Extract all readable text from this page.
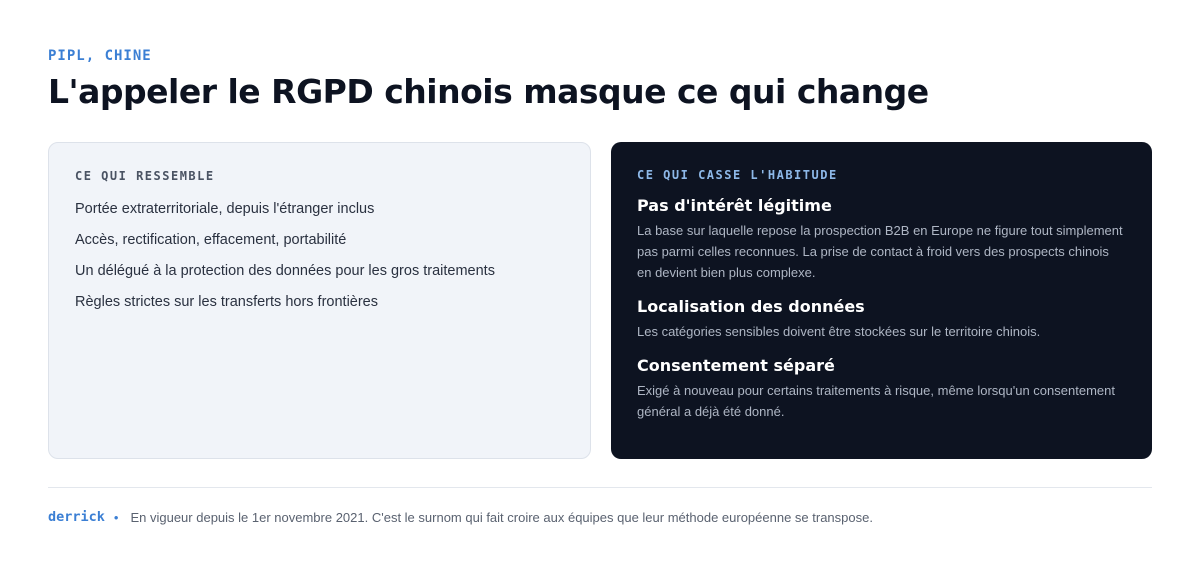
PIPL, CHINE
L'appeler le RGPD chinois masque ce qui change
CE QUI RESSEMBLE
Portée extraterritoriale, depuis l'étranger inclus
Accès, rectification, effacement, portabilité
Un délégué à la protection des données pour les gros traitements
Règles strictes sur les transferts hors frontières
CE QUI CASSE L'HABITUDE
Pas d'intérêt légitime
La base sur laquelle repose la prospection B2B en Europe ne figure tout simplement pas parmi celles reconnues. La prise de contact à froid vers des prospects chinois en devient bien plus complexe.
Localisation des données
Les catégories sensibles doivent être stockées sur le territoire chinois.
Consentement séparé
Exigé à nouveau pour certains traitements à risque, même lorsqu'un consentement général a déjà été donné.
derrick • En vigueur depuis le 1er novembre 2021. C'est le surnom qui fait croire aux équipes que leur méthode européenne se transpose.
